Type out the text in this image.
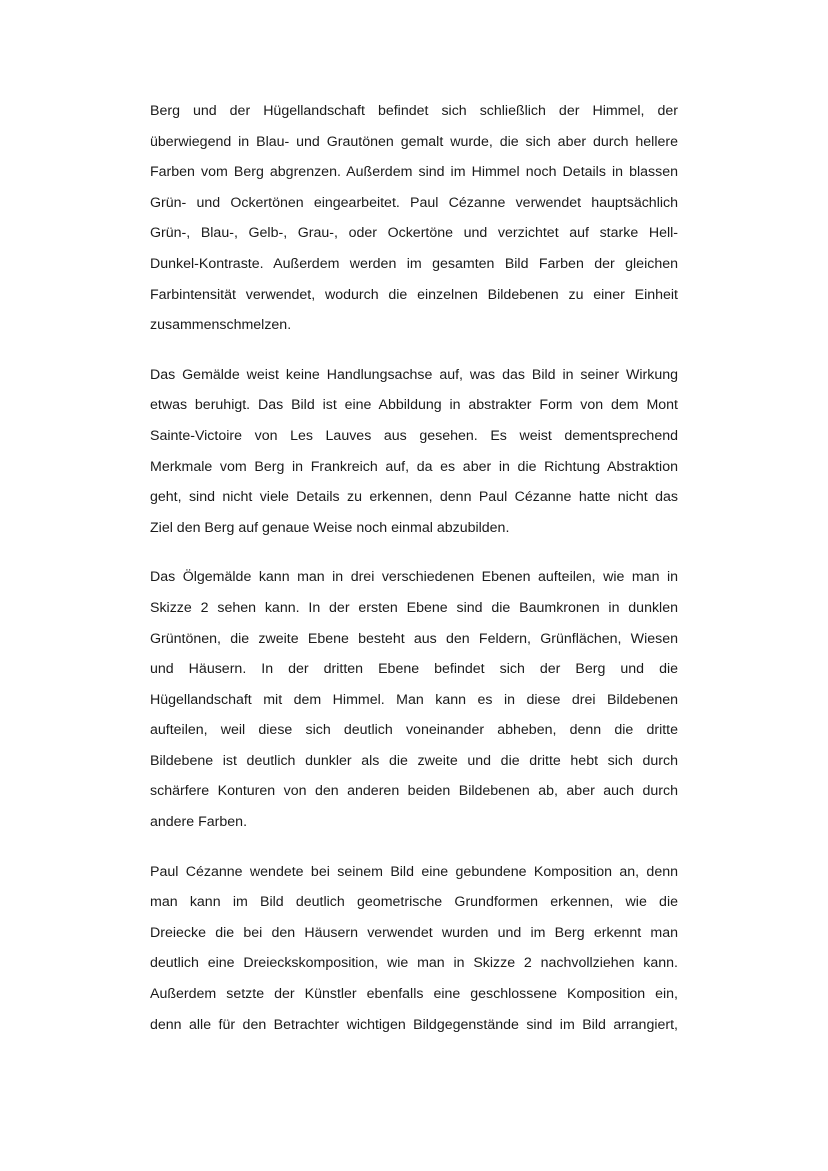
Berg und der Hügellandschaft befindet sich schließlich der Himmel, der
überwiegend in Blau- und Grautönen gemalt wurde, die sich aber durch hellere
Farben vom Berg abgrenzen. Außerdem sind im Himmel noch Details in blassen
Grün- und Ockertönen eingearbeitet. Paul Cézanne verwendet hauptsächlich
Grün-, Blau-, Gelb-, Grau-, oder Ockertöne und verzichtet auf starke Hell-
Dunkel-Kontraste. Außerdem werden im gesamten Bild Farben der gleichen
Farbintensität verwendet, wodurch die einzelnen Bildebenen zu einer Einheit
zusammenschmelzen.

Das Gemälde weist keine Handlungsachse auf, was das Bild in seiner Wirkung
etwas beruhigt. Das Bild ist eine Abbildung in abstrakter Form von dem Mont
Sainte-Victoire von Les Lauves aus gesehen. Es weist dementsprechend
Merkmale vom Berg in Frankreich auf, da es aber in die Richtung Abstraktion
geht, sind nicht viele Details zu erkennen, denn Paul Cézanne hatte nicht das
Ziel den Berg auf genaue Weise noch einmal abzubilden.

Das Ölgemälde kann man in drei verschiedenen Ebenen aufteilen, wie man in
Skizze 2 sehen kann. In der ersten Ebene sind die Baumkronen in dunklen
Grüntönen, die zweite Ebene besteht aus den Feldern, Grünflächen, Wiesen
und Häusern. In der dritten Ebene befindet sich der Berg und die
Hügellandschaft mit dem Himmel. Man kann es in diese drei Bildebenen
aufteilen, weil diese sich deutlich voneinander abheben, denn die dritte
Bildebene ist deutlich dunkler als die zweite und die dritte hebt sich durch
schärfere Konturen von den anderen beiden Bildebenen ab, aber auch durch
andere Farben.

Paul Cézanne wendete bei seinem Bild eine gebundene Komposition an, denn
man kann im Bild deutlich geometrische Grundformen erkennen, wie die
Dreiecke die bei den Häusern verwendet wurden und im Berg erkennt man
deutlich eine Dreieckskomposition, wie man in Skizze 2 nachvollziehen kann.
Außerdem setzte der Künstler ebenfalls eine geschlossene Komposition ein,
denn alle für den Betrachter wichtigen Bildgegenstände sind im Bild arrangiert,
